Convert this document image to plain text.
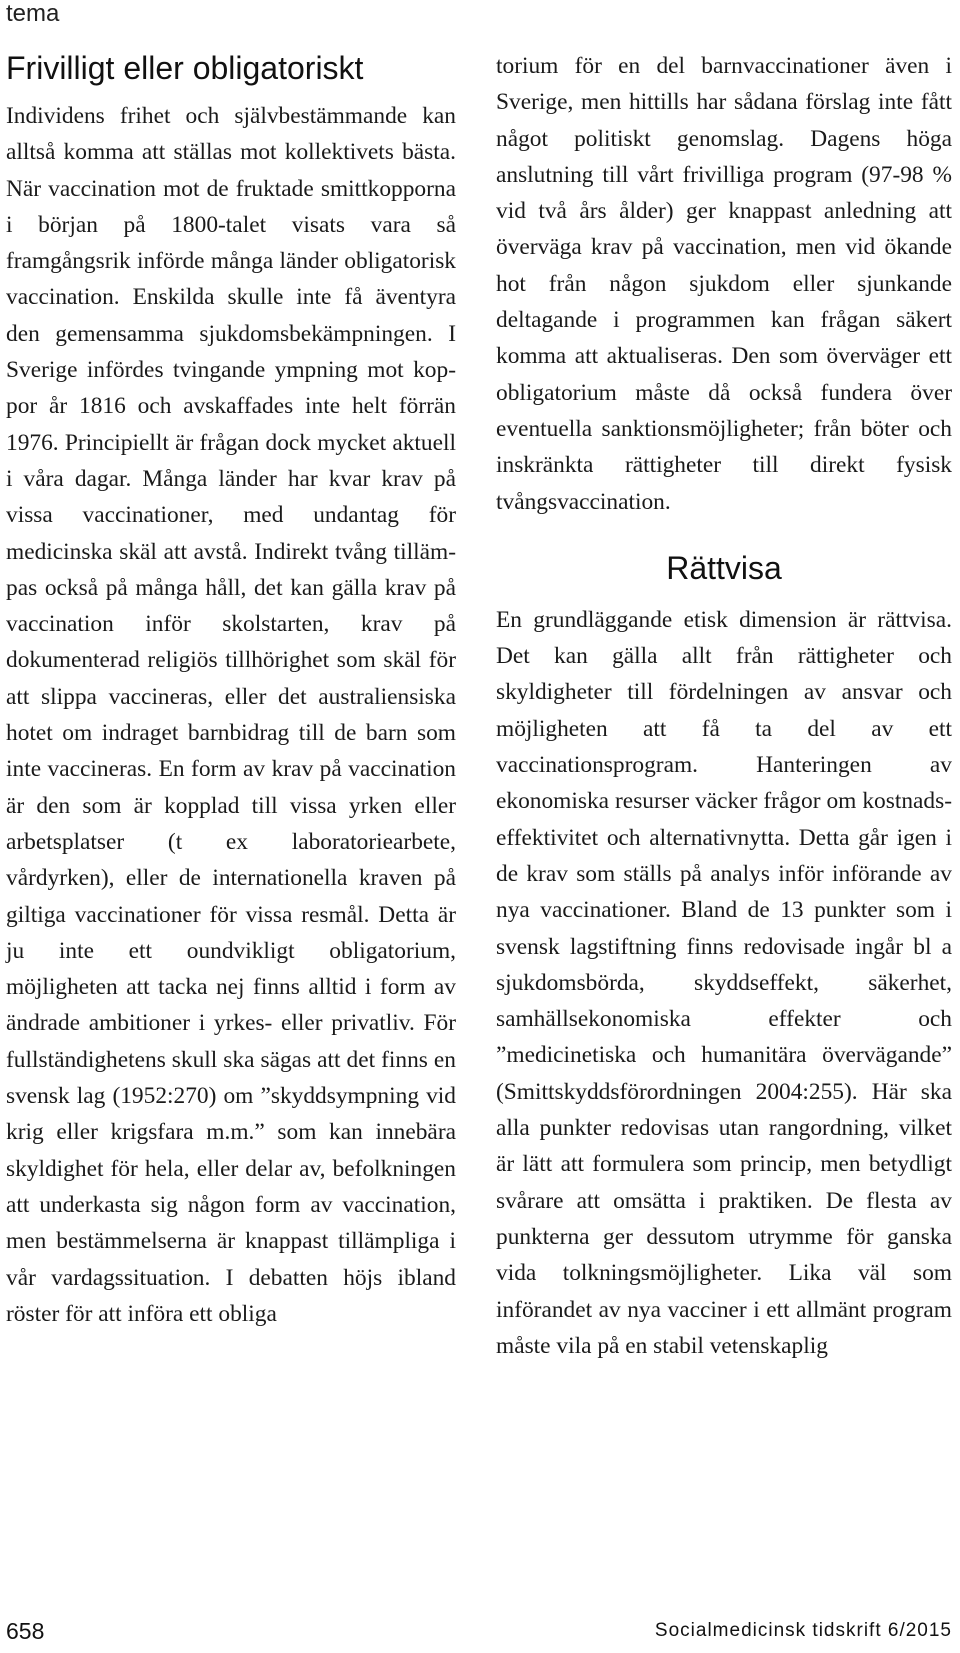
tema
Frivilligt eller obligatoriskt

Individens frihet och självbestämmande kan alltså komma att ställas mot kollektivets bästa. När vaccination mot de fruktade smittkopporna i början på 1800-talet visats vara så framgångsrik införde många länder obligatorisk vaccination. Enskilda skulle inte få äventyra den gemensamma sjukdomsbekämpningen. I Sverige infördes tvingande ympning mot koppor år 1816 och avskaffades inte helt förrän 1976. Principiellt är frågan dock mycket aktuell i våra dagar. Många länder har kvar krav på vissa vaccinationer, med undantag för medicinska skäl att avstå. Indirekt tvång tillämpas också på många håll, det kan gälla krav på vaccination inför skolstarten, krav på dokumenterad religiös tillhörighet som skäl för att slippa vaccineras, eller det australiensiska hotet om indraget barnbidrag till de barn som inte vaccineras. En form av krav på vaccination är den som är kopplad till vissa yrken eller arbetsplatser (t ex laboratoriearbete, vårdyrken), eller de internationella kraven på giltiga vaccinationer för vissa resmål. Detta är ju inte ett oundvikligt obligatorium, möjligheten att tacka nej finns alltid i form av ändrade ambitioner i yrkes- eller privatliv. För fullständighetens skull ska sägas att det finns en svensk lag (1952:270) om ”skyddsympning vid krig eller krigsfara m.m.” som kan innebära skyldighet för hela, eller delar av, befolkningen att underkasta sig någon form av vaccination, men bestämmelserna är knappast tillämpliga i vår vardagssituation. I debatten höjs ibland röster för att införa ett obliga

torium för en del barnvaccinationer även i Sverige, men hittills har sådana förslag inte fått något politiskt genomslag. Dagens höga anslutning till vårt frivilliga program (97-98 % vid två års ålder) ger knappast anledning att överväga krav på vaccination, men vid ökande hot från någon sjukdom eller sjunkande deltagande i programmen kan frågan säkert komma att aktualiseras. Den som överväger ett obligatorium måste då också fundera över eventuella sanktionsmöjligheter; från böter och inskränkta rättigheter till direkt fysisk tvångsvaccination.

Rättvisa

En grundläggande etisk dimension är rättvisa. Det kan gälla allt från rättigheter och skyldigheter till fördelningen av ansvar och möjligheten att få ta del av ett vaccinationsprogram. Hanteringen av ekonomiska resurser väcker frågor om kostnads-effektivitet och alternativnytta. Detta går igen i de krav som ställs på analys inför införande av nya vaccinationer. Bland de 13 punkter som i svensk lagstiftning finns redovisade ingår bl a sjukdomsbörda, skyddseffekt, säkerhet, samhällsekonomiska effekter och ”medicinetiska och humanitära övervägande” (Smittskyddsförordningen 2004:255). Här ska alla punkter redovisas utan rangordning, vilket är lätt att formulera som princip, men betydligt svårare att omsätta i praktiken. De flesta av punkterna ger dessutom utrymme för ganska vida tolkningsmöjligheter. Lika väl som införandet av nya vacciner i ett allmänt program måste vila på en stabil vetenskaplig

658	Socialmedicinsk tidskrift 6/2015
